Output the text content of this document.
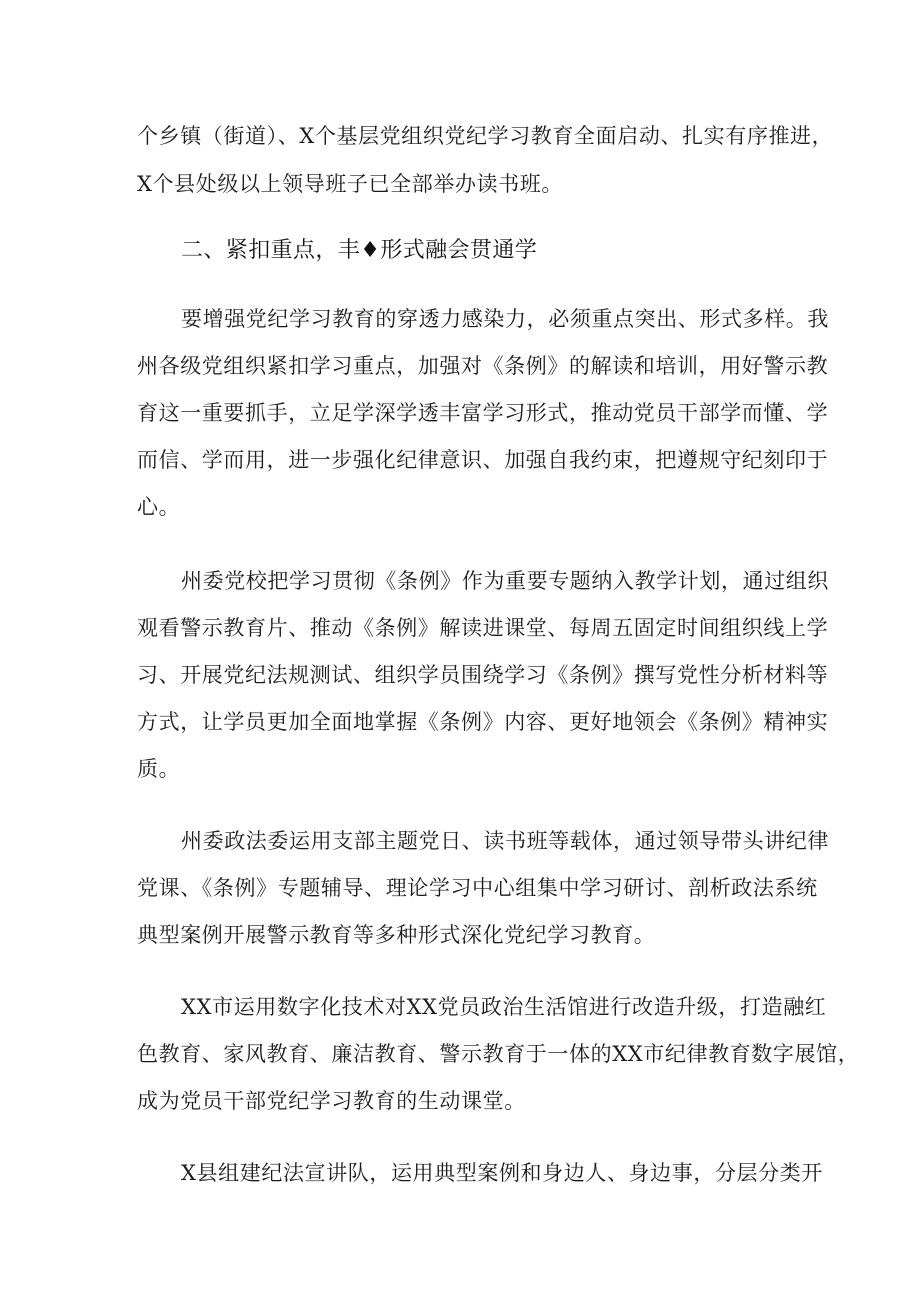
个乡镇（街道）、X个基层党组织党纪学习教育全面启动、扎实有序推进，
X个县处级以上领导班子已全部举办读书班。
二、紧扣重点，丰♦形式融会贯通学
要增强党纪学习教育的穿透力感染力，必须重点突出、形式多样。我
州各级党组织紧扣学习重点，加强对《条例》的解读和培训，用好警示教
育这一重要抓手，立足学深学透丰富学习形式，推动党员干部学而懂、学
而信、学而用，进一步强化纪律意识、加强自我约束，把遵规守纪刻印于
心。
州委党校把学习贯彻《条例》作为重要专题纳入教学计划，通过组织
观看警示教育片、推动《条例》解读进课堂、每周五固定时间组织线上学
习、开展党纪法规测试、组织学员围绕学习《条例》撰写党性分析材料等
方式，让学员更加全面地掌握《条例》内容、更好地领会《条例》精神实
质。
州委政法委运用支部主题党日、读书班等载体，通过领导带头讲纪律
党课、《条例》专题辅导、理论学习中心组集中学习研讨、剖析政法系统
典型案例开展警示教育等多种形式深化党纪学习教育。
XX市运用数字化技术对XX党员政治生活馆进行改造升级，打造融红
色教育、家风教育、廉洁教育、警示教育于一体的XX市纪律教育数字展馆，
成为党员干部党纪学习教育的生动课堂。
X县组建纪法宣讲队，运用典型案例和身边人、身边事，分层分类开
